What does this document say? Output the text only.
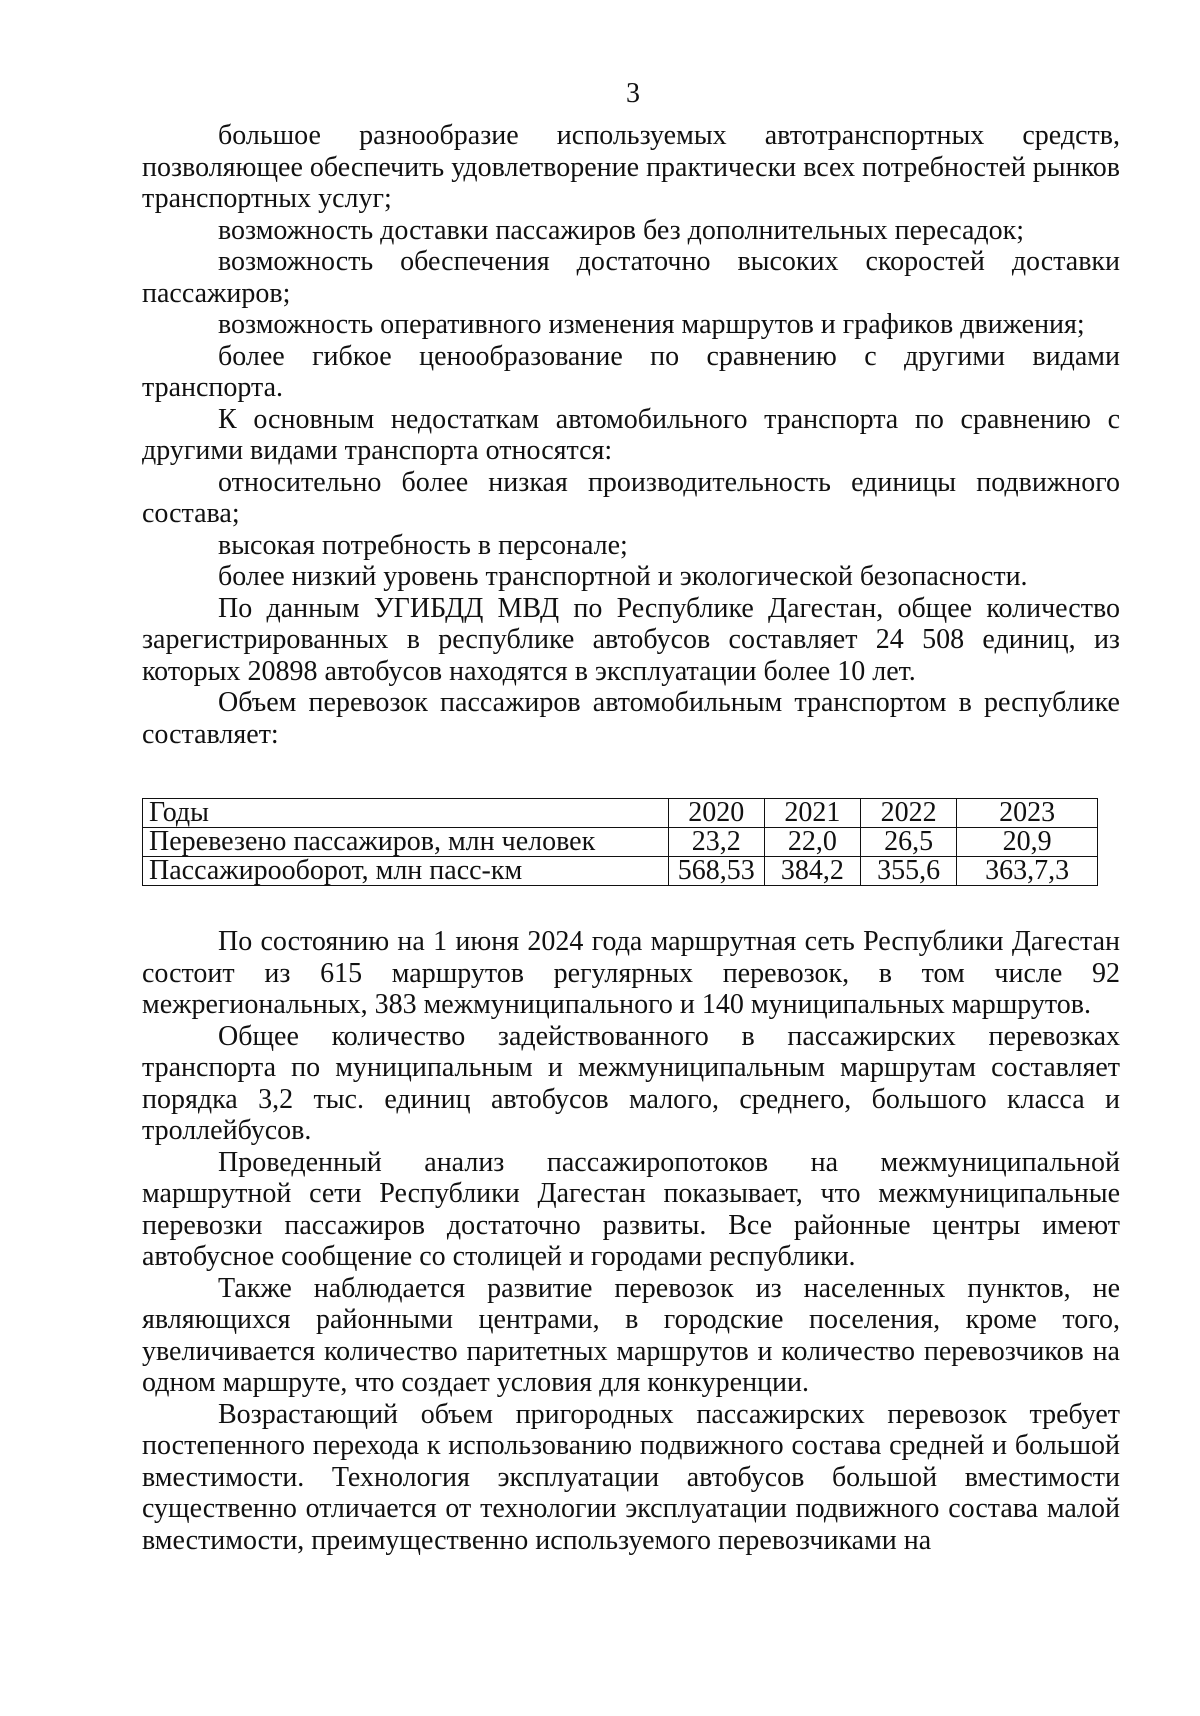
3

большое разнообразие используемых автотранспортных средств, позволяющее обеспечить удовлетворение практически всех потребностей рынков транспортных услуг;

возможность доставки пассажиров без дополнительных пересадок;

возможность обеспечения достаточно высоких скоростей доставки пассажиров;

возможность оперативного изменения маршрутов и графиков движения;

более гибкое ценообразование по сравнению с другими видами транспорта.

К основным недостаткам автомобильного транспорта по сравнению с другими видами транспорта относятся:

относительно более низкая производительность единицы подвижного состава;

высокая потребность в персонале;

более низкий уровень транспортной и экологической безопасности.

По данным УГИБДД МВД по Республике Дагестан, общее количество зарегистрированных в республике автобусов составляет 24 508 единиц, из которых 20898 автобусов находятся в эксплуатации более 10 лет.

Объем перевозок пассажиров автомобильным транспортом в республике составляет:

Годы	2020	2021	2022	2023
Перевезено пассажиров, млн человек	23,2	22,0	26,5	20,9
Пассажирооборот, млн пасс-км	568,53	384,2	355,6	363,7,3

По состоянию на 1 июня 2024 года маршрутная сеть Республики Дагестан состоит из 615 маршрутов регулярных перевозок, в том числе 92 межрегиональных, 383 межмуниципального и 140 муниципальных маршрутов.

Общее количество задействованного в пассажирских перевозках транспорта по муниципальным и межмуниципальным маршрутам составляет порядка 3,2 тыс. единиц автобусов малого, среднего, большого класса и троллейбусов.

Проведенный анализ пассажиропотоков на межмуниципальной маршрутной сети Республики Дагестан показывает, что межмуниципальные перевозки пассажиров достаточно развиты. Все районные центры имеют автобусное сообщение со столицей и городами республики.

Также наблюдается развитие перевозок из населенных пунктов, не являющихся районными центрами, в городские поселения, кроме того, увеличивается количество паритетных маршрутов и количество перевозчиков на одном маршруте, что создает условия для конкуренции.

Возрастающий объем пригородных пассажирских перевозок требует постепенного перехода к использованию подвижного состава средней и большой вместимости. Технология эксплуатации автобусов большой вместимости существенно отличается от технологии эксплуатации подвижного состава малой вместимости, преимущественно используемого перевозчиками на
